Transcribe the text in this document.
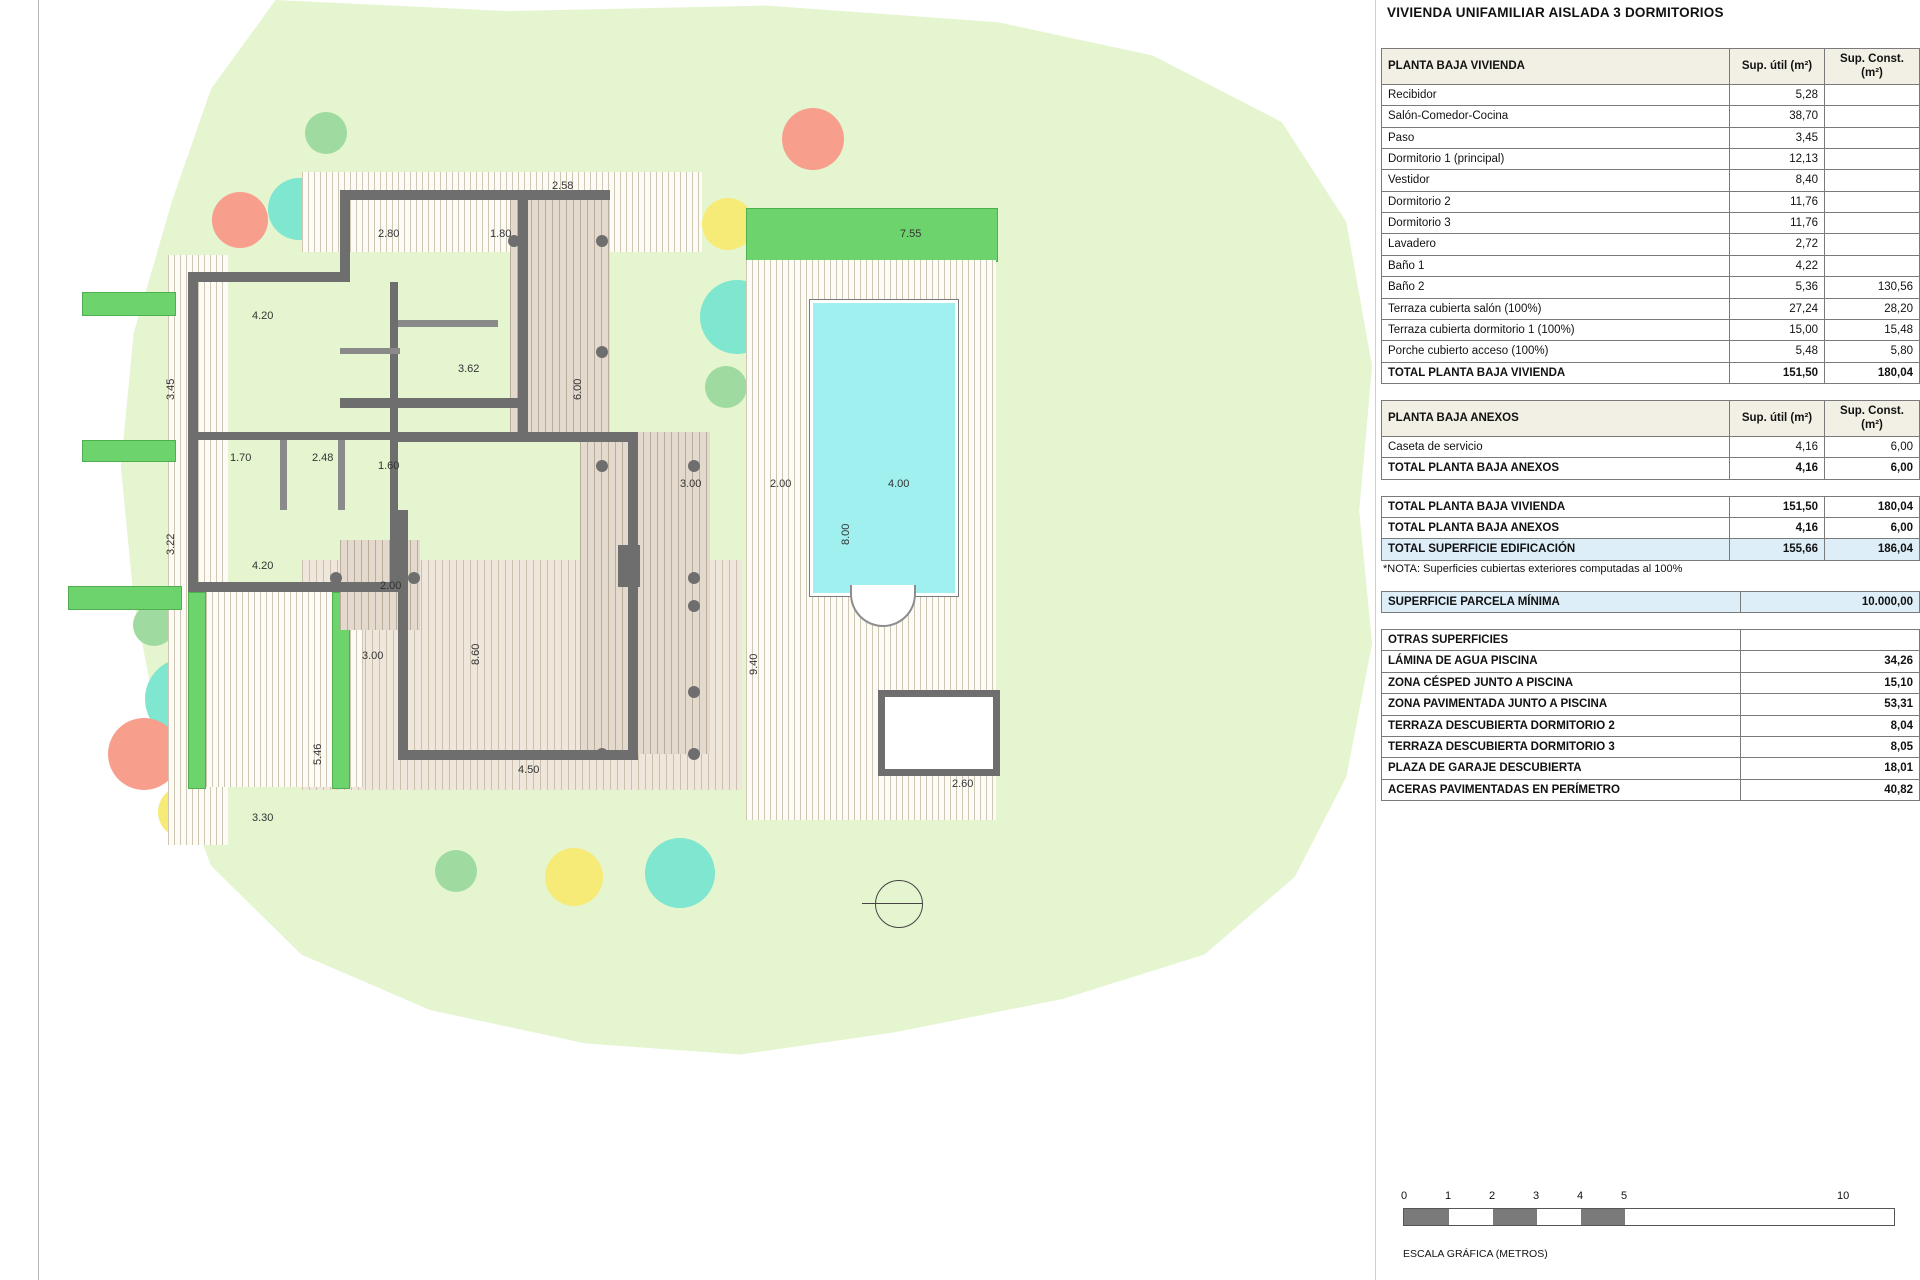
2.58
7.55
2.80	1.80
4.20
3.62
1.60
2.48
1.70
3.00	2.00	4.00
4.20
2.00
3.00
4.50
3.30
2.60
6.00
8.00
8.60	9.40
5.46
3.45
3.22
VIVIENDA UNIFAMILIAR AISLADA 3 DORMITORIOS
PLANTA BAJA VIVIENDA	Sup. útil (m²)	Sup. Const. (m²)
Recibidor	5,28	
Salón-Comedor-Cocina	38,70	
Paso	3,45	
Dormitorio 1 (principal)	12,13	
Vestidor	8,40	
Dormitorio 2	11,76	
Dormitorio 3	11,76	
Lavadero	2,72	
Baño 1	4,22	
Baño 2	5,36	130,56
Terraza cubierta salón (100%)	27,24	28,20
Terraza cubierta dormitorio 1 (100%)	15,00	15,48
Porche cubierto acceso (100%)	5,48	5,80
TOTAL PLANTA BAJA VIVIENDA	151,50	180,04
PLANTA BAJA ANEXOS	Sup. útil (m²)	Sup. Const. (m²)
Caseta de servicio	4,16	6,00
TOTAL PLANTA BAJA ANEXOS	4,16	6,00
TOTAL PLANTA BAJA VIVIENDA	151,50	180,04
TOTAL PLANTA BAJA ANEXOS	4,16	6,00
TOTAL SUPERFICIE EDIFICACIÓN	155,66	186,04
*NOTA: Superficies cubiertas exteriores computadas al 100%
SUPERFICIE PARCELA MÍNIMA	10.000,00
OTRAS SUPERFICIES	
LÁMINA DE AGUA PISCINA	34,26
ZONA CÉSPED JUNTO A PISCINA	15,10
ZONA PAVIMENTADA JUNTO A PISCINA	53,31
TERRAZA DESCUBIERTA DORMITORIO 2	8,04
TERRAZA DESCUBIERTA DORMITORIO 3	8,05
PLAZA DE GARAJE DESCUBIERTA	18,01
ACERAS PAVIMENTADAS EN PERÍMETRO	40,82
0	1	2	3	4	5	10
ESCALA GRÁFICA (METROS)
